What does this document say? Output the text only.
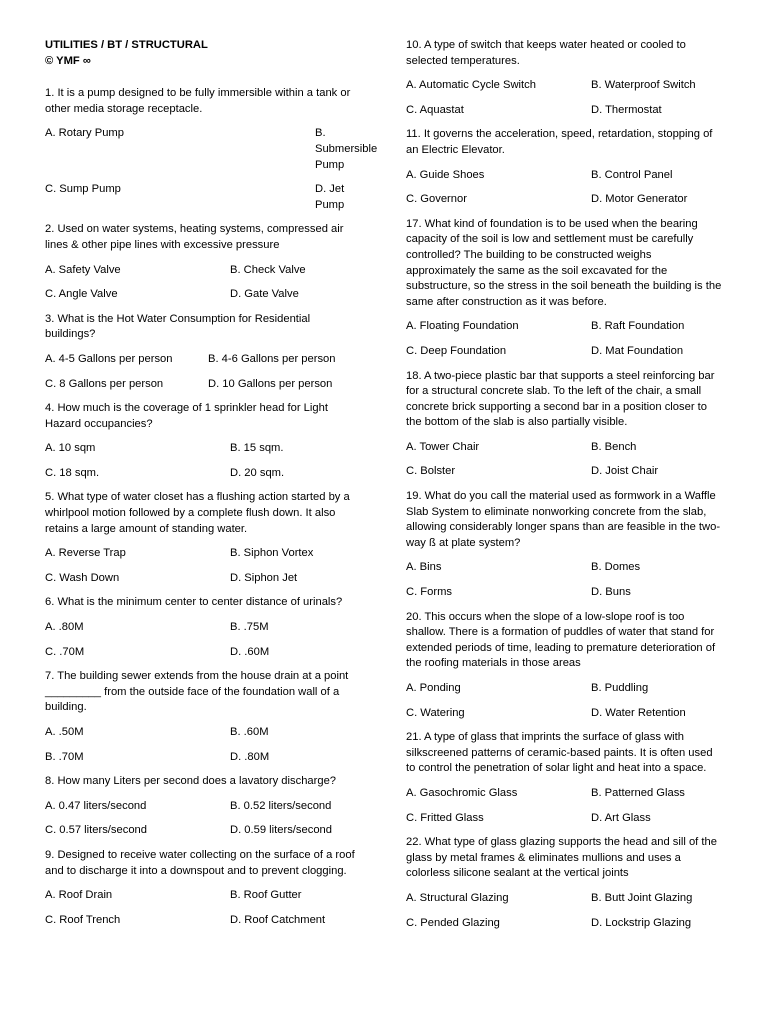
UTILITIES / BT / STRUCTURAL

© YMF ∞

1. It is a pump designed to be fully immersible within a tank or other media storage receptacle.

A. Rotary Pump	B. Submersible Pump
C. Sump Pump	D. Jet Pump

2. Used on water systems, heating systems, compressed air lines & other pipe lines with excessive pressure

A. Safety Valve	B. Check Valve
C. Angle Valve	D. Gate Valve

3. What is the Hot Water Consumption for Residential buildings?

A. 4-5 Gallons per person	B. 4-6 Gallons per person
C. 8 Gallons per person	D. 10 Gallons per person

4. How much is the coverage of 1 sprinkler head for Light Hazard occupancies?

A. 10 sqm	B. 15 sqm.
C. 18 sqm.	D. 20 sqm.

5. What type of water closet has a flushing action started by a whirlpool motion followed by a complete flush down. It also retains a large amount of standing water.

A. Reverse Trap	B. Siphon Vortex
C. Wash Down	D. Siphon Jet

6. What is the minimum center to center distance of urinals?

A. .80M	B. .75M
C. .70M	D. .60M

7. The building sewer extends from the house drain at a point _________ from the outside face of the foundation wall of a building.

A. .50M	B. .60M
B. .70M	D. .80M

8. How many Liters per second does a lavatory discharge?

A. 0.47 liters/second	B. 0.52 liters/second
C. 0.57 liters/second	D. 0.59 liters/second

9. Designed to receive water collecting on the surface of a roof and to discharge it into a downspout and to prevent clogging.

A. Roof Drain	B. Roof Gutter
C. Roof Trench	D. Roof Catchment

10. A type of switch that keeps water heated or cooled to selected temperatures.

A. Automatic Cycle Switch	B. Waterproof Switch
C. Aquastat	D. Thermostat

11. It governs the acceleration, speed, retardation, stopping of an Electric Elevator.

A. Guide Shoes	B. Control Panel
C. Governor	D. Motor Generator

17. What kind of foundation is to be used when the bearing capacity of the soil is low and settlement must be carefully controlled? The building to be constructed weighs approximately the same as the soil excavated for the substructure, so the stress in the soil beneath the building is the same after construction as it was before.

A. Floating Foundation	B. Raft Foundation
C. Deep Foundation	D. Mat Foundation

18. A two-piece plastic bar that supports a steel reinforcing bar for a structural concrete slab. To the left of the chair, a small concrete brick supporting a second bar in a position closer to the bottom of the slab is also partially visible.

A. Tower Chair	B. Bench
C. Bolster	D. Joist Chair

19. What do you call the material used as formwork in a Waffle Slab System to eliminate nonworking concrete from the slab, allowing considerably longer spans than are feasible in the two-way ß at plate system?

A. Bins	B. Domes
C. Forms	D. Buns

20. This occurs when the slope of a low-slope roof is too shallow. There is a formation of puddles of water that stand for extended periods of time, leading to premature deterioration of the roofing materials in those areas

A. Ponding	B. Puddling
C. Watering	D. Water Retention

21. A type of glass that imprints the surface of glass with silkscreened patterns of ceramic-based paints. It is often used to control the penetration of solar light and heat into a space.

A. Gasochromic Glass	B. Patterned Glass
C. Fritted Glass	D. Art Glass

22. What type of glass glazing supports the head and sill of the glass by metal frames & eliminates mullions and uses a colorless silicone sealant at the vertical joints

A. Structural Glazing	B. Butt Joint Glazing
C. Pended Glazing	D. Lockstrip Glazing
